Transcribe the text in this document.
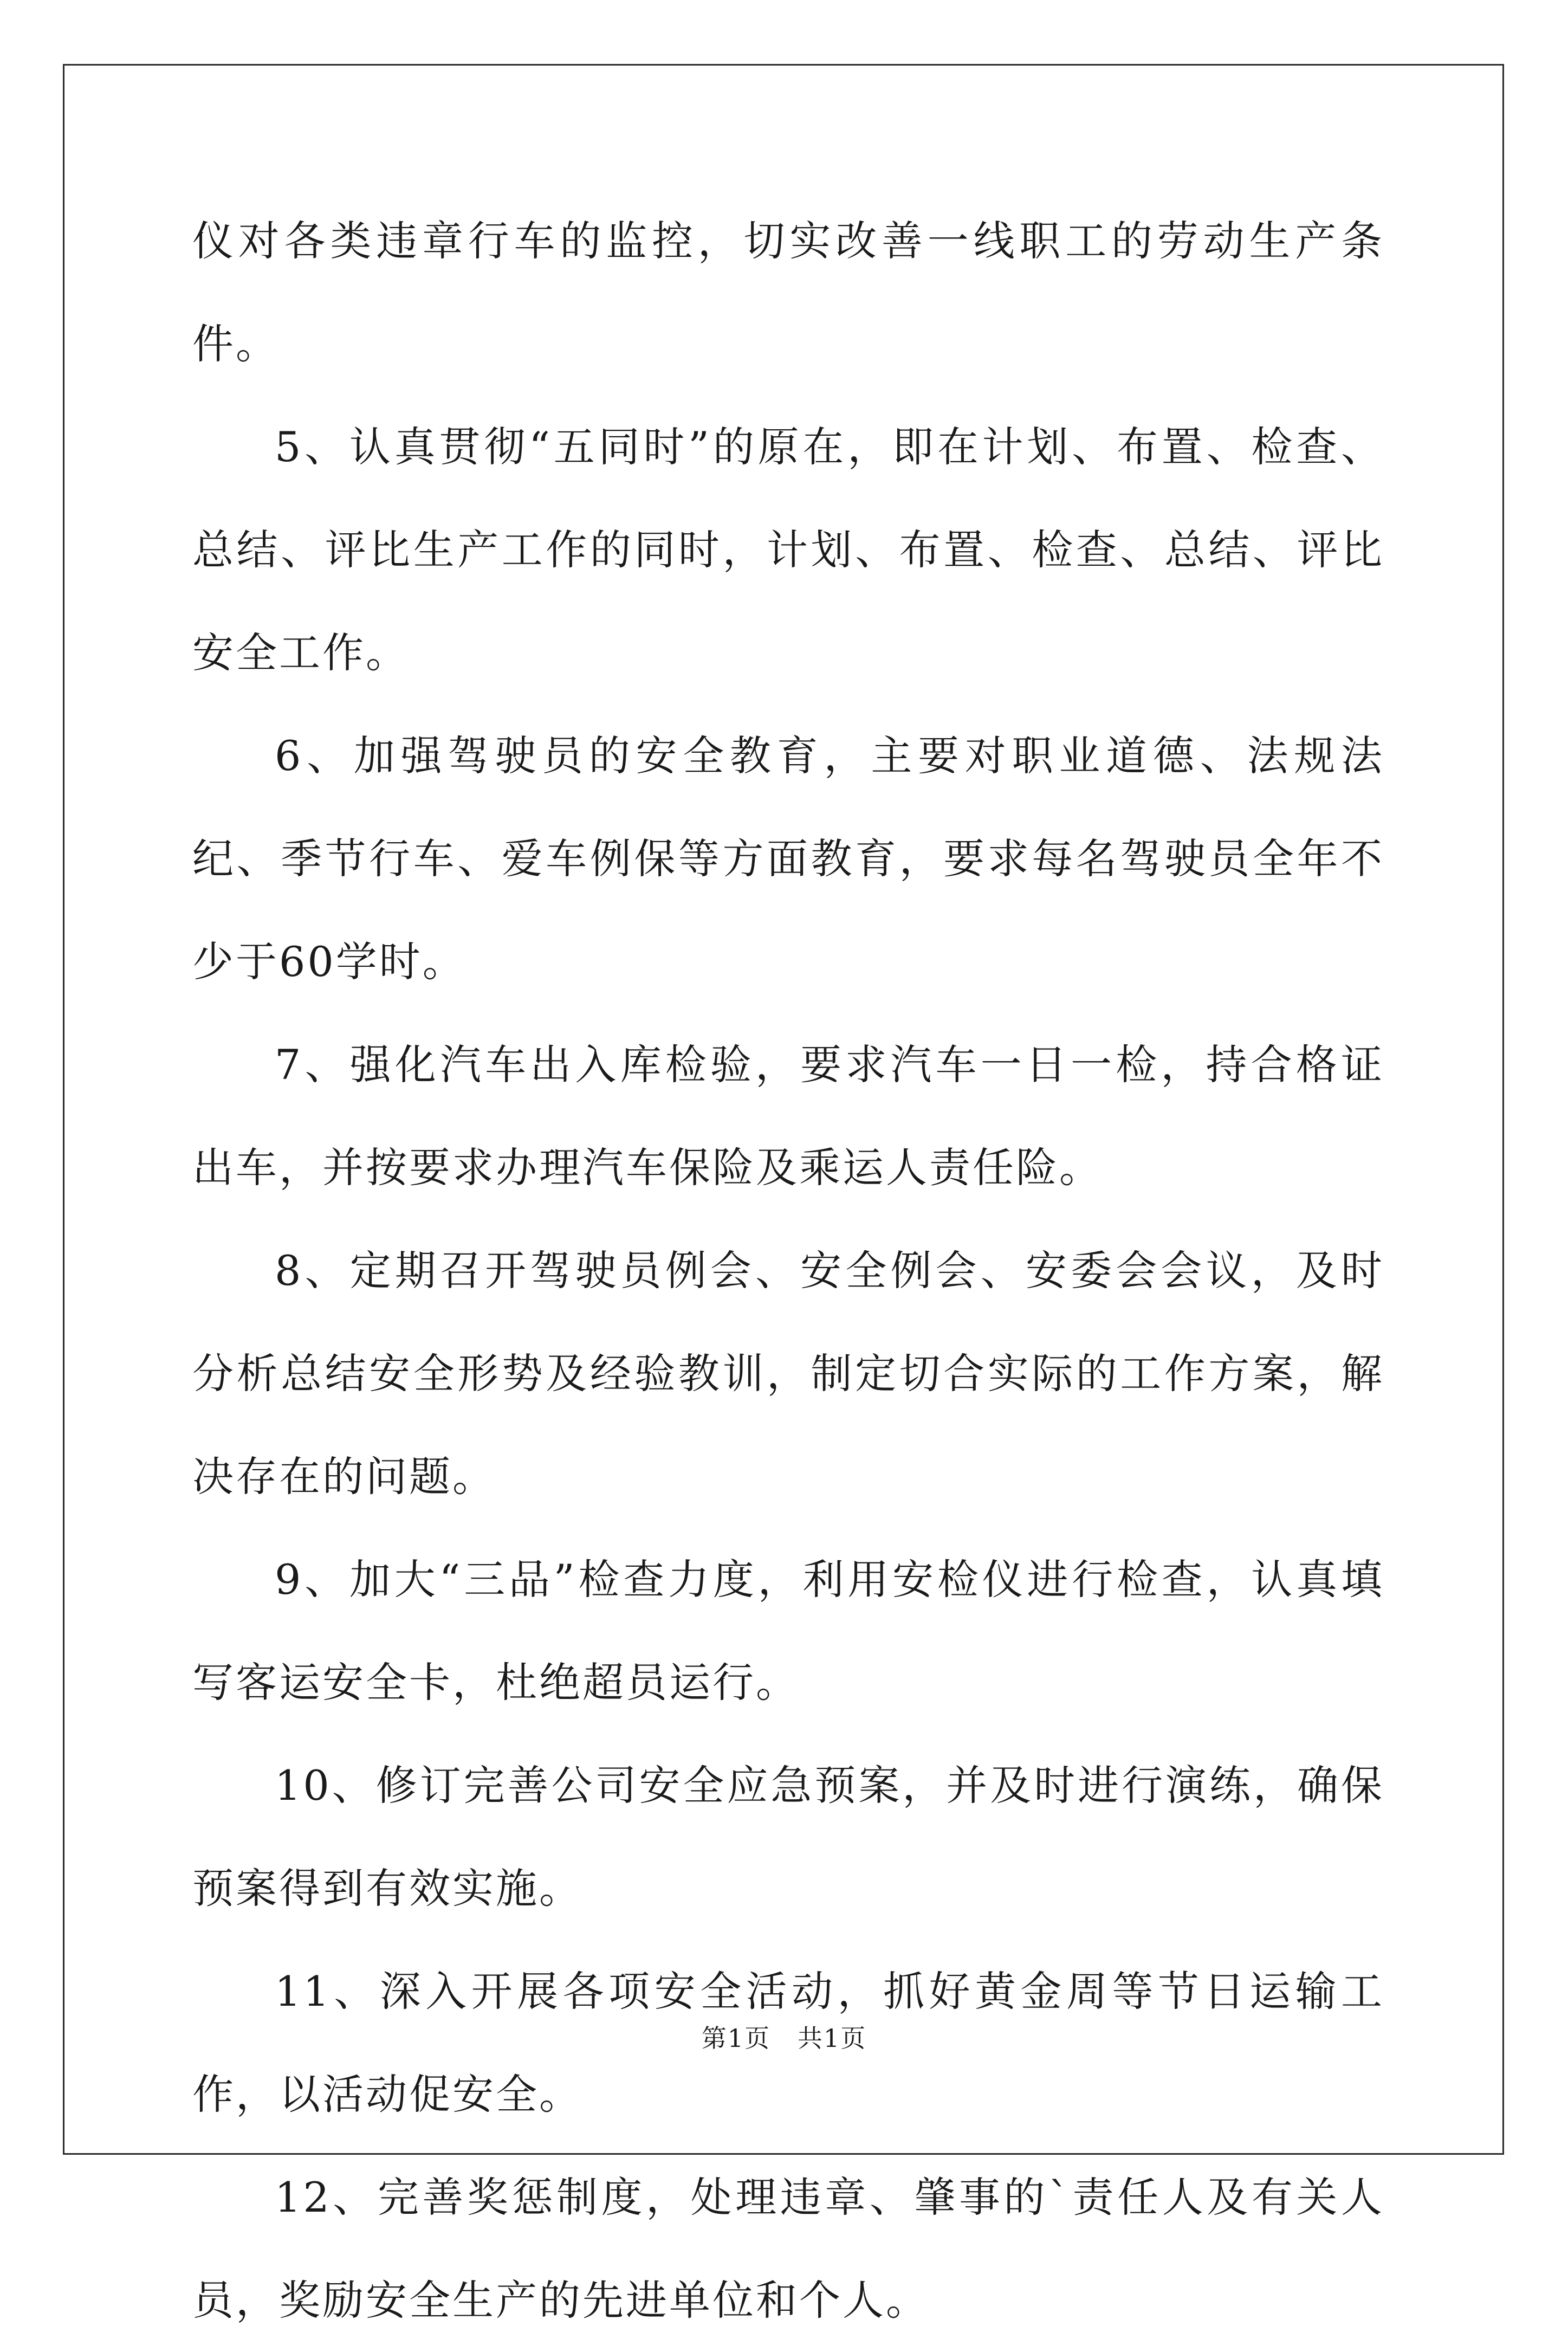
仪对各类违章行车的监控，切实改善一线职工的劳动生产条件。

5、认真贯彻“五同时”的原在，即在计划、布置、检查、总结、评比生产工作的同时，计划、布置、检查、总结、评比安全工作。

6、加强驾驶员的安全教育，主要对职业道德、法规法纪、季节行车、爱车例保等方面教育，要求每名驾驶员全年不少于60学时。

7、强化汽车出入库检验，要求汽车一日一检，持合格证出车，并按要求办理汽车保险及乘运人责任险。

8、定期召开驾驶员例会、安全例会、安委会会议，及时分析总结安全形势及经验教训，制定切合实际的工作方案，解决存在的问题。

9、加大“三品”检查力度，利用安检仪进行检查，认真填写客运安全卡，杜绝超员运行。

10、修订完善公司安全应急预案，并及时进行演练，确保预案得到有效实施。

11、深入开展各项安全活动，抓好黄金周等节日运输工作，以活动促安全。

12、完善奖惩制度，处理违章、肇事的`责任人及有关人员，奖励安全生产的先进单位和个人。

第1页   共1页
